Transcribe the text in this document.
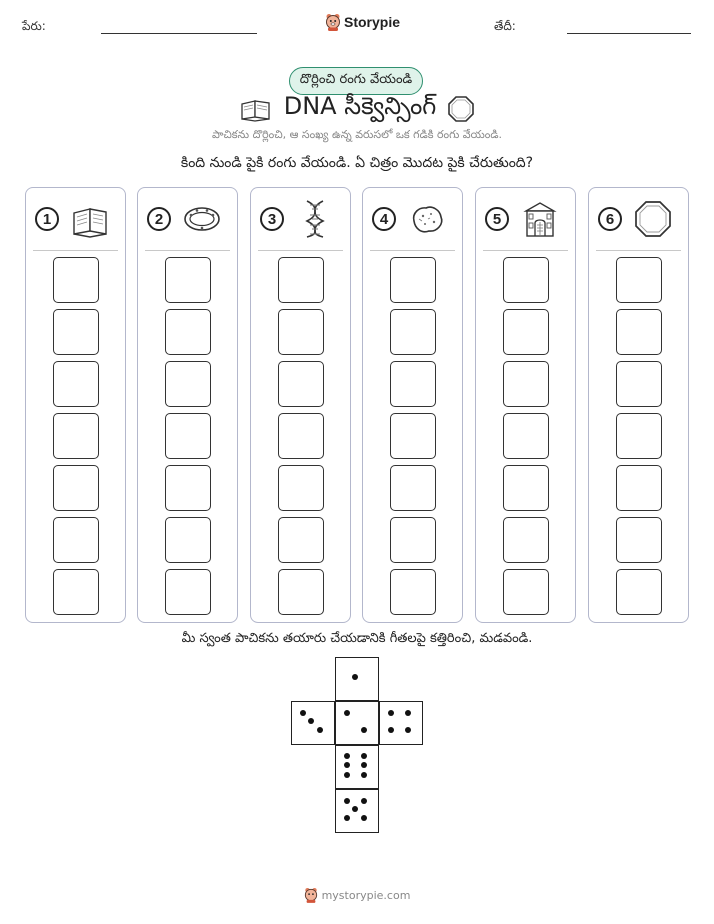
పేరు:	Storypie	తేదీ:
దొర్లించి రంగు వేయండి
DNA సీక్వెన్సింగ్
పాచికను దొర్లించి, ఆ సంఖ్య ఉన్న వరుసలో ఒక గడికి రంగు వేయండి.
కింది నుండి పైకి రంగు వేయండి. ఏ చిత్రం మొదట పైకి చేరుతుంది?
1	2	3	4	5	6
మీ స్వంత పాచికను తయారు చేయడానికి గీతలపై కత్తిరించి, మడవండి.
mystorypie.com
